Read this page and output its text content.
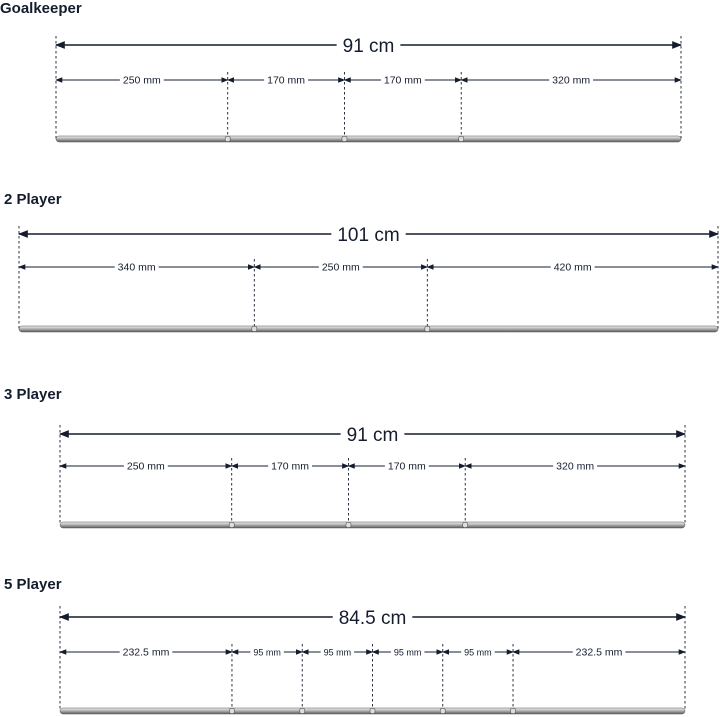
Goalkeeper
250 mm	170 mm	170 mm	320 mm
91 cm
2 Player
340 mm	250 mm	420 mm
101 cm
3 Player
250 mm	170 mm	170 mm	320 mm
91 cm
5 Player
232.5 mm	95 mm	95 mm	95 mm	95 mm	232.5 mm
84.5 cm
